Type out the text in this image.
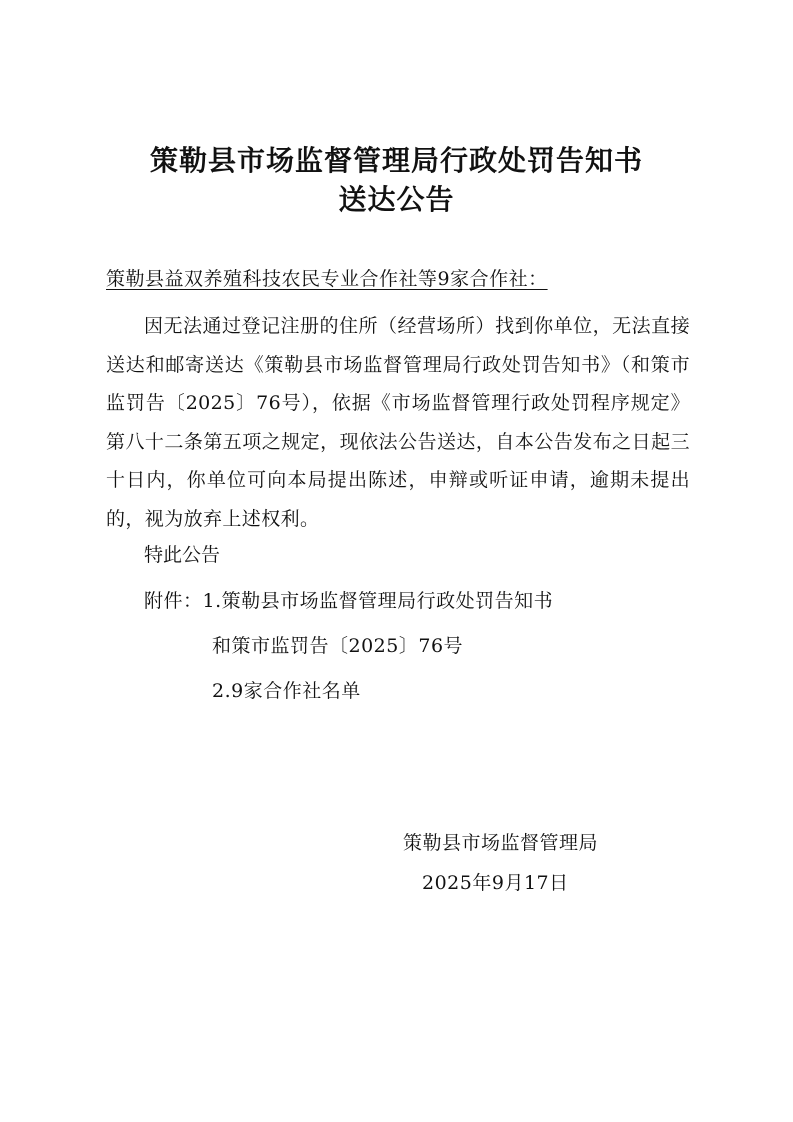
策勒县市场监督管理局行政处罚告知书
送达公告
策勒县益双养殖科技农民专业合作社等9家合作社：

因无法通过登记注册的住所（经营场所）找到你单位，无法直接送达和邮寄送达《策勒县市场监督管理局行政处罚告知书》（和策市监罚告〔2025〕76号），依据《市场监督管理行政处罚程序规定》第八十二条第五项之规定，现依法公告送达，自本公告发布之日起三十日内，你单位可向本局提出陈述，申辩或听证申请，逾期未提出的，视为放弃上述权利。

特此公告
附件：1.策勒县市场监督管理局行政处罚告知书
和策市监罚告〔2025〕76号
2.9家合作社名单
策勒县市场监督管理局
2025年9月17日
